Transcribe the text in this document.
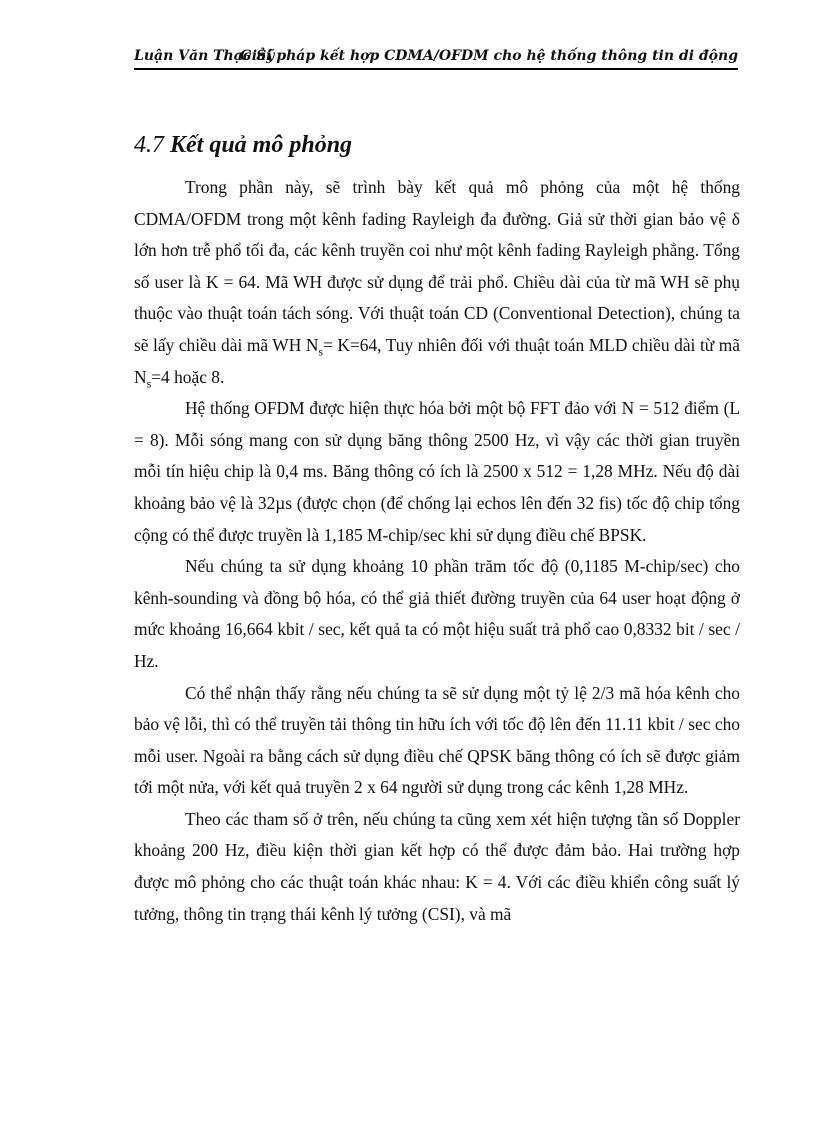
Luận Văn Thạc Sỹ
Giải pháp kết hợp CDMA/OFDM cho hệ thống thông tin di động
4.7 Kết quả mô phỏng

Trong phần này, sẽ trình bày kết quả mô phỏng của một hệ thống CDMA/OFDM trong một kênh fading Rayleigh đa đường. Giả sử thời gian bảo vệ δ lớn hơn trễ phổ tối đa, các kênh truyền coi như một kênh fading Rayleigh phẳng. Tổng số user là K = 64. Mã WH được sử dụng để trải phổ. Chiều dài của từ mã WH sẽ phụ thuộc vào thuật toán tách sóng. Với thuật toán CD (Conventional Detection), chúng ta sẽ lấy chiều dài mã WH $N_s= K=64$, Tuy nhiên đối với thuật toán MLD chiều dài từ mã $N_s=4$ hoặc 8.

Hệ thống OFDM được hiện thực hóa bởi một bộ FFT đảo với N = 512 điểm (L = 8). Mỗi sóng mang con sử dụng băng thông 2500 Hz, vì vậy các thời gian truyền mỗi tín hiệu chip là 0,4 ms. Băng thông có ích là 2500 x 512 = 1,28 MHz. Nếu độ dài khoảng bảo vệ là 32µs (được chọn (để chống lại echos lên đến 32 fis) tốc độ chip tổng cộng có thể được truyền là 1,185 M-chip/sec khi sử dụng điều chế BPSK.

Nếu chúng ta sử dụng khoảng 10 phần trăm tốc độ (0,1185 M-chip/sec) cho kênh-sounding và đồng bộ hóa, có thể giả thiết đường truyền của 64 user hoạt động ở mức khoảng 16,664 kbit / sec, kết quả ta có một hiệu suất trả phổ cao 0,8332 bit / sec / Hz.

Có thể nhận thấy rằng nếu chúng ta sẽ sử dụng một tỷ lệ 2/3 mã hóa kênh cho bảo vệ lỗi, thì có thể truyền tải thông tin hữu ích với tốc độ lên đến 11.11 kbit / sec cho mỗi user. Ngoài ra bằng cách sử dụng điều chế QPSK băng thông có ích sẽ được giảm tới một nửa, với kết quả truyền 2 x 64 người sử dụng trong các kênh 1,28 MHz.

Theo các tham số ở trên, nếu chúng ta cũng xem xét hiện tượng tần số Doppler khoảng 200 Hz, điều kiện thời gian kết hợp có thể được đảm bảo. Hai trường hợp được mô phỏng cho các thuật toán khác nhau: K = 4. Với các điều khiển công suất lý tưởng, thông tin trạng thái kênh lý tưởng (CSI), và mã
